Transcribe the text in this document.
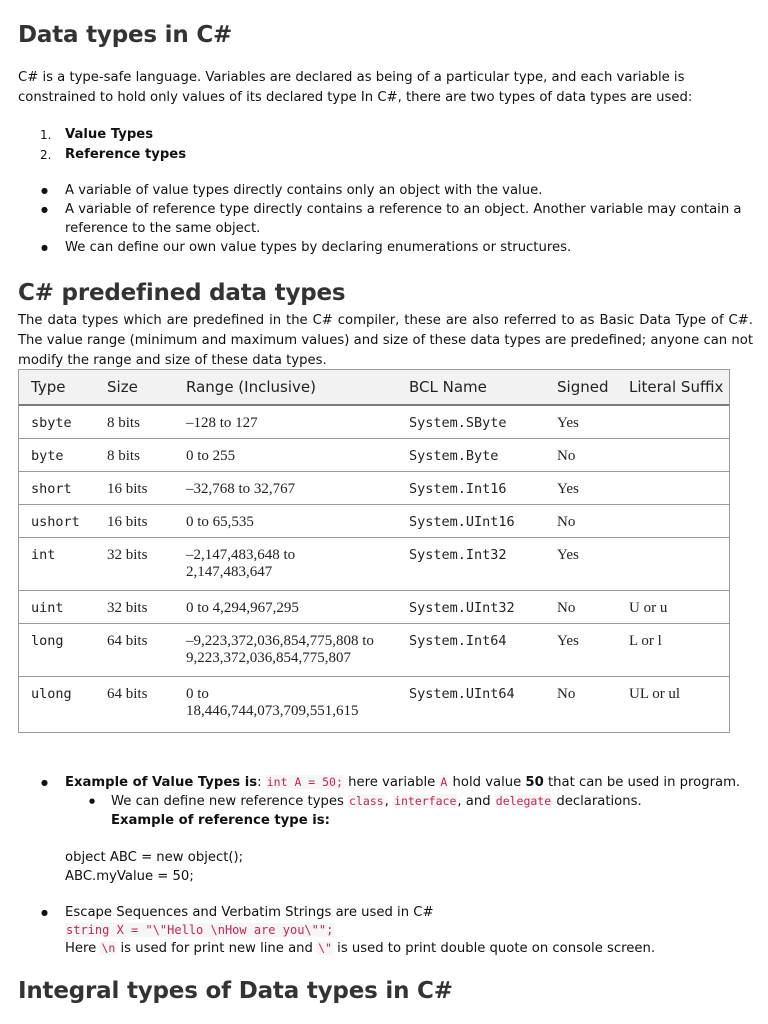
Data types in C#

C# is a type-safe language. Variables are declared as being of a particular type, and each variable is constrained to hold only values of its declared type In C#, there are two types of data types are used:

1. Value Types
2. Reference types
● A variable of value types directly contains only an object with the value.
● A variable of reference type directly contains a reference to an object. Another variable may contain a reference to the same object.
● We can define our own value types by declaring enumerations or structures.
C# predefined data types

The data types which are predefined in the C# compiler, these are also referred to as Basic Data Type of C#. The value range (minimum and maximum values) and size of these data types are predefined; anyone can not modify the range and size of these data types.

Type	Size	Range (Inclusive)	BCL Name	Signed	Literal Suffix
sbyte	8 bits	–128 to 127	System.SByte	Yes	
byte	8 bits	0 to 255	System.Byte	No	
short	16 bits	–32,768 to 32,767	System.Int16	Yes	
ushort	16 bits	0 to 65,535	System.UInt16	No	
int	32 bits	–2,147,483,648 to
2,147,483,647	System.Int32	Yes	
uint	32 bits	0 to 4,294,967,295	System.UInt32	No	U or u
long	64 bits	–9,223,372,036,854,775,808 to
9,223,372,036,854,775,807	System.Int64	Yes	L or l
ulong	64 bits	0 to
18,446,744,073,709,551,615	System.UInt64	No	UL or ul
● Example of Value Types is: int A = 50; here variable A hold value 50 that can be used in program.
● We can define new reference types class, interface, and delegate declarations.
Example of reference type is:
object ABC = new object();
ABC.myValue = 50;
● Escape Sequences and Verbatim Strings are used in C#
string X = "\"Hello \nHow are you\"";
Here \n is used for print new line and \" is used to print double quote on console screen.
Integral types of Data types in C#
